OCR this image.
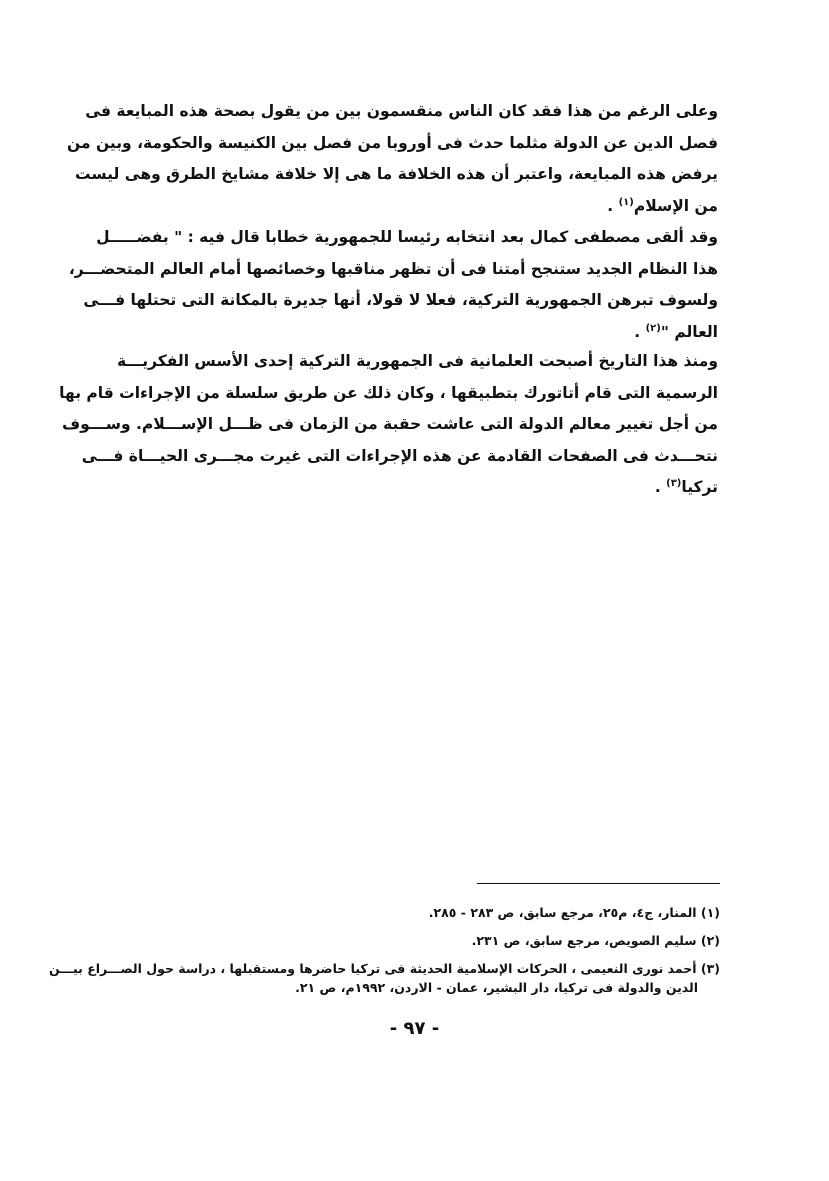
وعلى الرغم من هذا فقد كان الناس منقسمون بين من يقول بصحة هذه المبايعة فى
فصل الدين عن الدولة مثلما حدث فى أوروبا من فصل بين الكنيسة والحكومة، وبين من
يرفض هذه المبايعة، واعتبر أن هذه الخلافة ما هى إلا خلافة مشايخ الطرق وهى ليست
من الإسلام$^{(١)}$ .
وقد ألقى مصطفى كمال بعد انتخابه رئيسا للجمهورية خطابا قال فيه : " بفضـــــل
هذا النظام الجديد ستنجح أمتنا فى أن تظهر مناقبها وخصائصها أمام العالم المتحضـــر،
ولسوف تبرهن الجمهورية التركية، فعلا لا قولا، أنها جديرة بالمكانة التى تحتلها فـــى
العالم "$^{(٢)}$ .
ومنذ هذا التاريخ أصبحت العلمانية فى الجمهورية التركية إحدى الأسس الفكريـــة
الرسمية التى قام أتاتورك بتطبيقها ، وكان ذلك عن طريق سلسلة من الإجراءات قام بها
من أجل تغيير معالم الدولة التى عاشت حقبة من الزمان فى ظـــل الإســـلام. وســـوف
نتحـــدث فى الصفحات القادمة عن هذه الإجراءات التى غيرت مجـــرى الحيـــاة فـــى
تركيا$^{(٣)}$ .
(١) المنار، ج٤، م٢٥، مرجع سابق، ص ٢٨٣ - ٢٨٥.
(٢) سليم الصويص، مرجع سابق، ص ٢٣١.
(٣) أحمد نورى النعيمى ، الحركات الإسلامية الحديثة فى تركيا حاضرها ومستقبلها ، دراسة حول الصـــراع بيـــن
الدين والدولة فى تركيا، دار البشير، عمان - الاردن، ١٩٩٢م، ص ٢١.
- ٩٧ -
